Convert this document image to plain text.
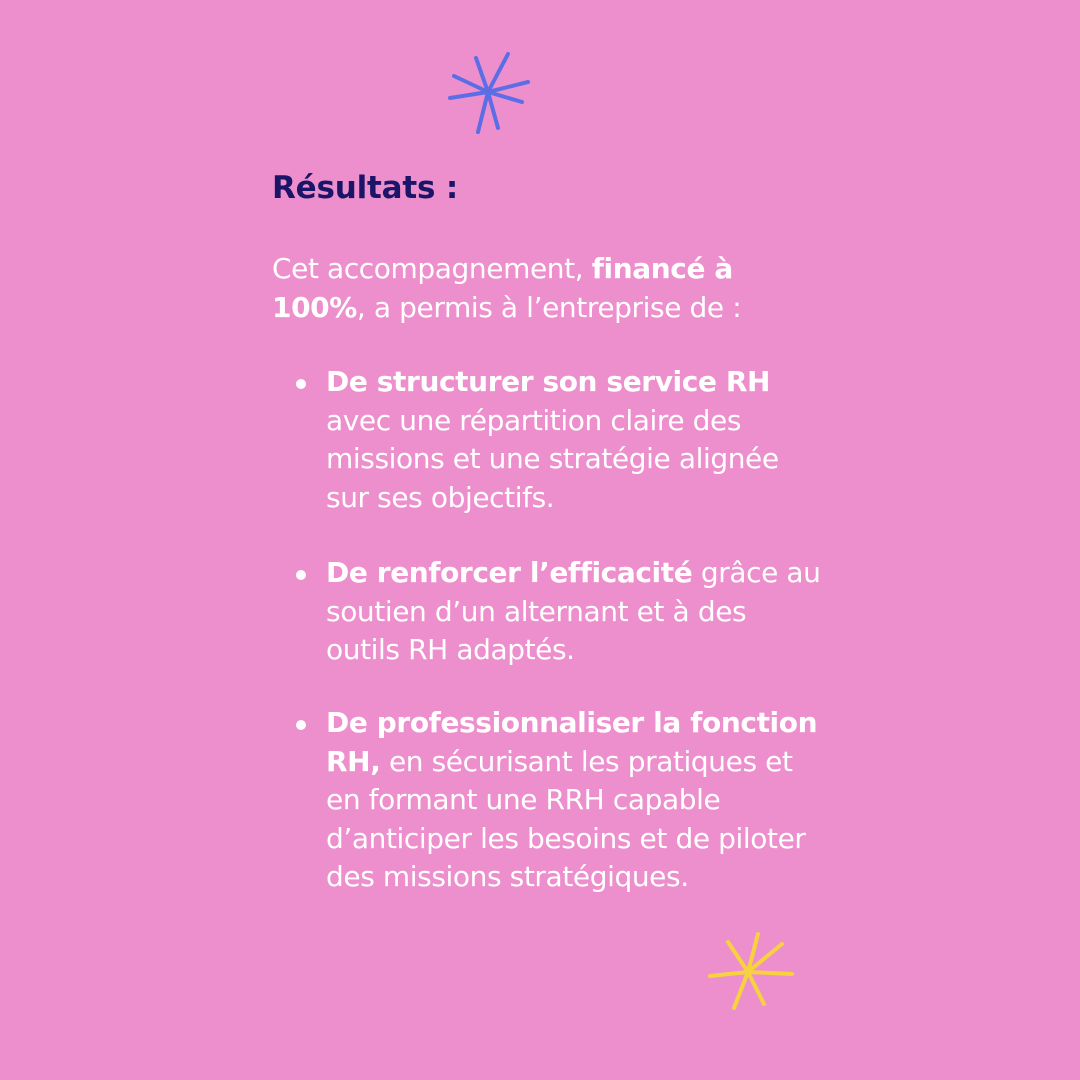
Résultats :

Cet accompagnement, financé à 100%, a permis à l’entreprise de :

De structurer son service RH avec une répartition claire des missions et une stratégie alignée sur ses objectifs.
De renforcer l’efficacité grâce au soutien d’un alternant et à des outils RH adaptés.
De professionnaliser la fonction RH, en sécurisant les pratiques et en formant une RRH capable d’anticiper les besoins et de piloter des missions stratégiques.
